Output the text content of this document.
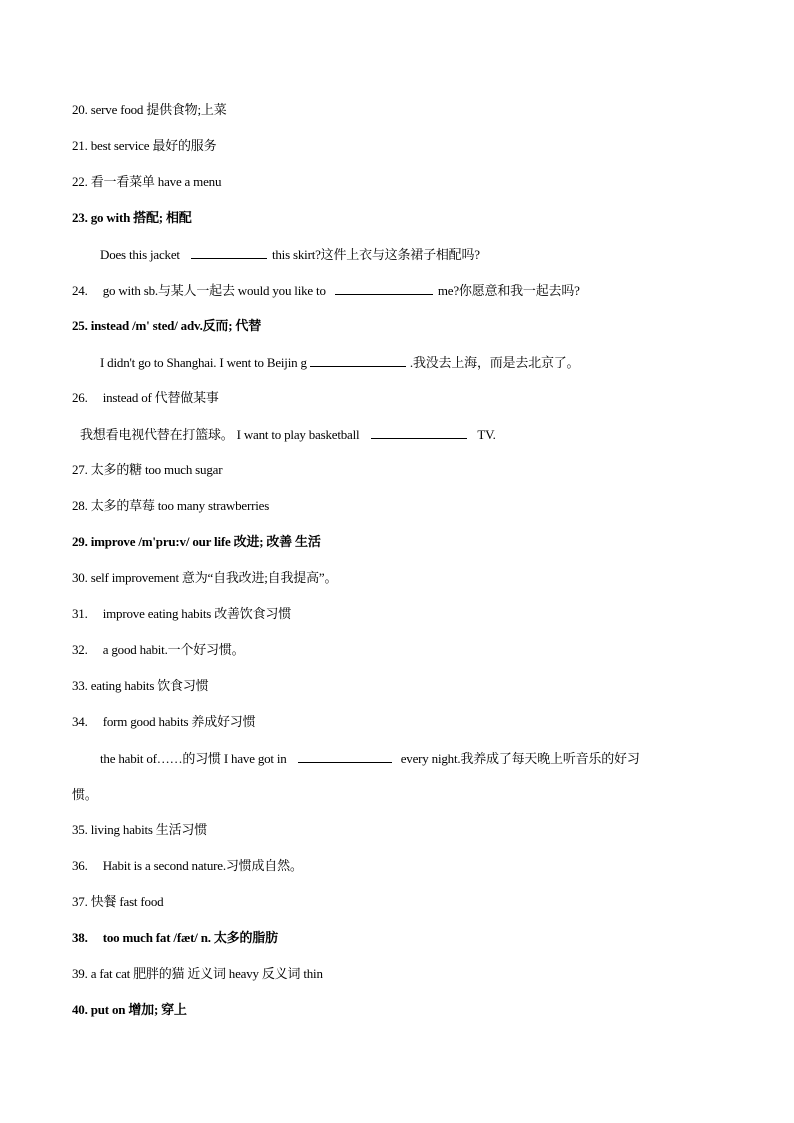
20. serve food 提供食物;上菜
21. best service 最好的服务
22. 看一看菜单 have a menu
23. go with 搭配; 相配
Does this jacket	this skirt?这件上衣与这条裙子相配吗?
24. go with sb.与某人一起去 would you like to	me?你愿意和我一起去吗?
25. instead /m' sted/ adv.反而; 代替
I didn't go to Shanghai. I went to Beijin g	.我没去上海，而是去北京了。
26. instead of 代替做某事
我想看电视代替在打篮球。 I want to play basketball	TV.
27. 太多的糖 too much sugar
28. 太多的草莓 too many strawberries
29. improve /m'pru:v/ our life 改进; 改善 生活
30. self improvement 意为“自我改进;自我提高”。
31. improve eating habits 改善饮食习惯
32. a good habit.一个好习惯。
33. eating habits 饮食习惯
34. form good habits 养成好习惯
the habit of……的习惯 I have got in	every night.我养成了每天晚上听音乐的好习
惯。
35. living habits 生活习惯
36. Habit is a second nature.习惯成自然。
37. 快餐 fast food
38. too much fat /fæt/ n. 太多的脂肪
39. a fat cat 肥胖的猫 近义词 heavy 反义词 thin
40. put on 增加; 穿上
